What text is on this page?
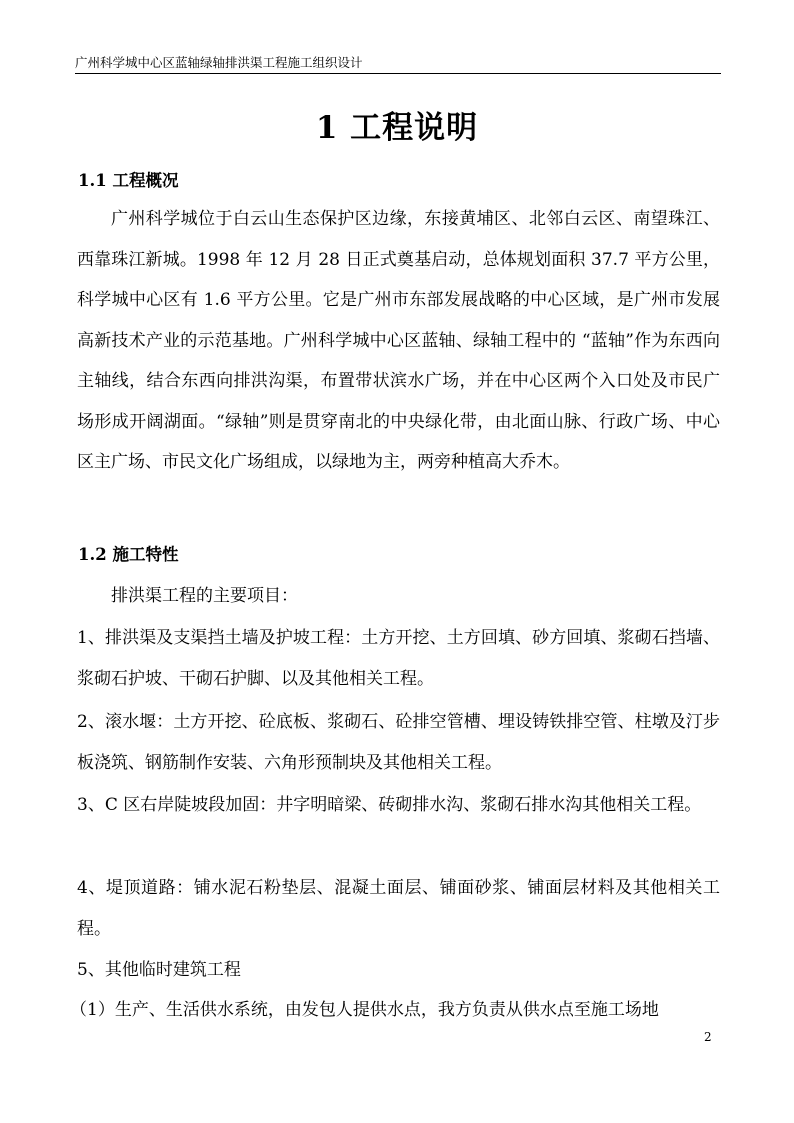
广州科学城中心区蓝轴绿轴排洪渠工程施工组织设计
1 工程说明
1.1 工程概况
广州科学城位于白云山生态保护区边缘，东接黄埔区、北邻白云区、南望珠江、西靠珠江新城。1998 年 12 月 28 日正式奠基启动，总体规划面积 37.7 平方公里，科学城中心区有 1.6 平方公里。它是广州市东部发展战略的中心区域，是广州市发展高新技术产业的示范基地。广州科学城中心区蓝轴、绿轴工程中的 “蓝轴”作为东西向主轴线，结合东西向排洪沟渠，布置带状滨水广场，并在中心区两个入口处及市民广场形成开阔湖面。“绿轴”则是贯穿南北的中央绿化带，由北面山脉、行政广场、中心区主广场、市民文化广场组成，以绿地为主，两旁种植高大乔木。
1.2 施工特性
排洪渠工程的主要项目：
1、排洪渠及支渠挡土墙及护坡工程：土方开挖、土方回填、砂方回填、浆砌石挡墙、浆砌石护坡、干砌石护脚、以及其他相关工程。
2、滚水堰：土方开挖、砼底板、浆砌石、砼排空管槽、埋设铸铁排空管、柱墩及汀步板浇筑、钢筋制作安装、六角形预制块及其他相关工程。
3、C 区右岸陡坡段加固：井字明暗梁、砖砌排水沟、浆砌石排水沟其他相关工程。
4、堤顶道路：铺水泥石粉垫层、混凝土面层、铺面砂浆、铺面层材料及其他相关工程。
5、其他临时建筑工程
（1）生产、生活供水系统，由发包人提供水点，我方负责从供水点至施工场地
2
